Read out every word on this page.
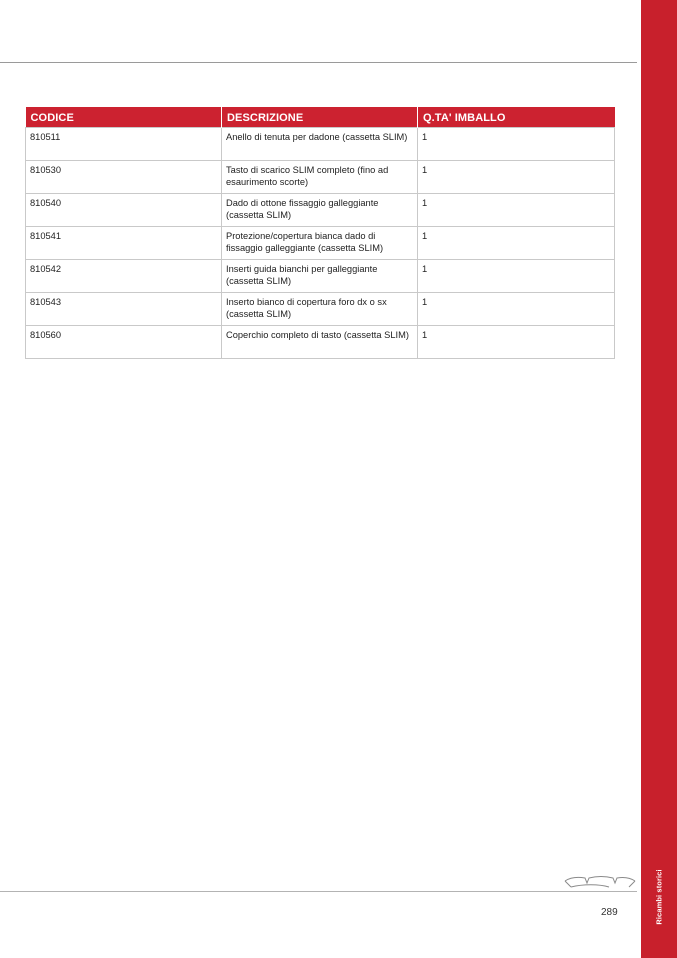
Ricambi storici
CODICE	DESCRIZIONE	Q.TA' IMBALLO
810511	Anello di tenuta per dadone (cassetta SLIM)	1
810530	Tasto di scarico SLIM completo (fino ad esaurimento scorte)	1
810540	Dado di ottone fissaggio galleggiante (cassetta SLIM)	1
810541	Protezione/copertura bianca dado di fissaggio galleggiante (cassetta SLIM)	1
810542	Inserti guida bianchi per galleggiante (cassetta SLIM)	1
810543	Inserto bianco di copertura foro dx o sx (cassetta SLIM)	1
810560	Coperchio completo di tasto (cassetta SLIM)	1
289
